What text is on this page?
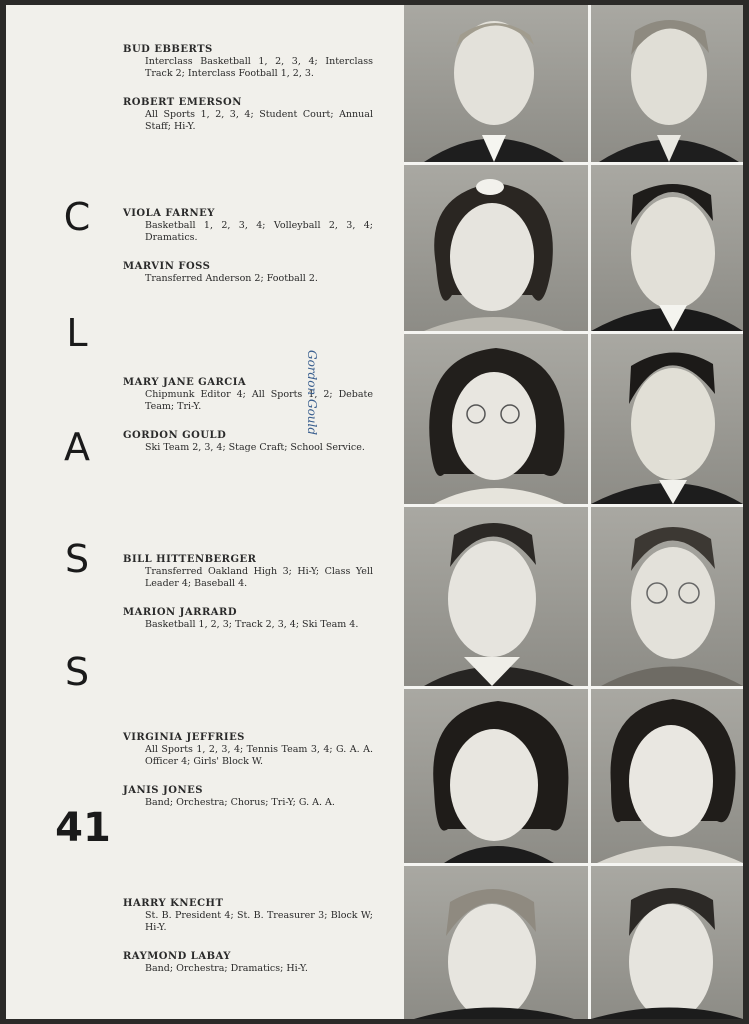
C
L
A
S
S
41
BUD EBBERTS
Interclass Basketball 1, 2, 3, 4; Interclass Track 2; Interclass Football 1, 2, 3.
ROBERT EMERSON
All Sports 1, 2, 3, 4; Student Court; Annual Staff; Hi-Y.
VIOLA FARNEY
Basketball 1, 2, 3, 4; Volleyball 2, 3, 4; Dramatics.
MARVIN FOSS
Transferred Anderson 2; Football 2.
MARY JANE GARCIA
Chipmunk Editor 4; All Sports 1, 2; Debate Team; Tri-Y.
GORDON GOULD
Ski Team 2, 3, 4; Stage Craft; School Service.
BILL HITTENBERGER
Transferred Oakland High 3; Hi-Y; Class Yell Leader 4; Baseball 4.
MARION JARRARD
Basketball 1, 2, 3; Track 2, 3, 4; Ski Team 4.
VIRGINIA JEFFRIES
All Sports 1, 2, 3, 4; Tennis Team 3, 4; G. A. A. Officer 4; Girls' Block W.
JANIS JONES
Band; Orchestra; Chorus; Tri-Y; G. A. A.
HARRY KNECHT
St. B. President 4; St. B. Treasurer 3; Block W; Hi-Y.
RAYMOND LABAY
Band; Orchestra; Dramatics; Hi-Y.
Gordon Gould
